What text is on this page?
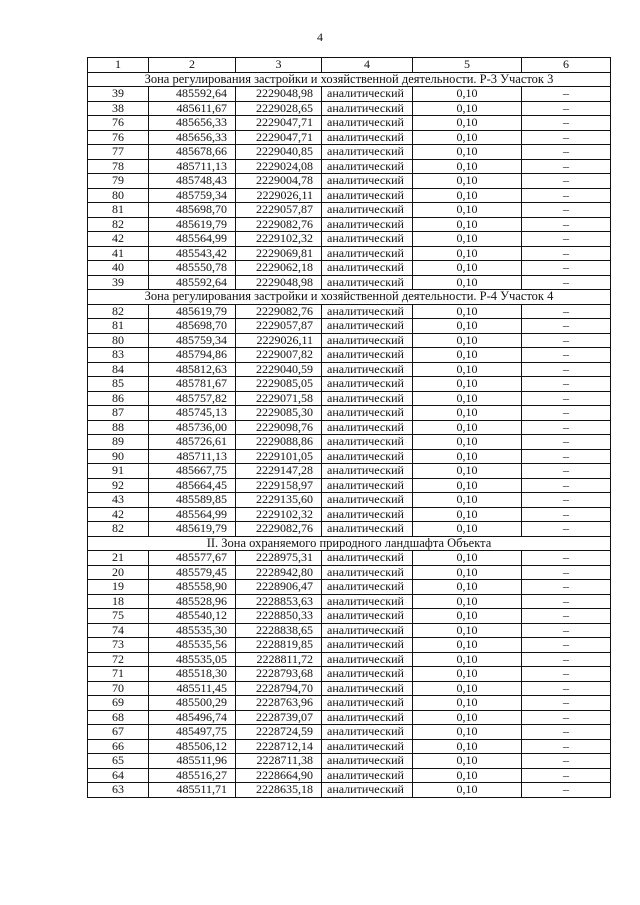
4
1	2	3	4	5	6
Зона регулирования застройки и хозяйственной деятельности. Р-3 Участок 3					
39	485592,64	2229048,98	аналитический	0,10	–
38	485611,67	2229028,65	аналитический	0,10	–
76	485656,33	2229047,71	аналитический	0,10	–
76	485656,33	2229047,71	аналитический	0,10	–
77	485678,66	2229040,85	аналитический	0,10	–
78	485711,13	2229024,08	аналитический	0,10	–
79	485748,43	2229004,78	аналитический	0,10	–
80	485759,34	2229026,11	аналитический	0,10	–
81	485698,70	2229057,87	аналитический	0,10	–
82	485619,79	2229082,76	аналитический	0,10	–
42	485564,99	2229102,32	аналитический	0,10	–
41	485543,42	2229069,81	аналитический	0,10	–
40	485550,78	2229062,18	аналитический	0,10	–
39	485592,64	2229048,98	аналитический	0,10	–
Зона регулирования застройки и хозяйственной деятельности. Р-4 Участок 4					
82	485619,79	2229082,76	аналитический	0,10	–
81	485698,70	2229057,87	аналитический	0,10	–
80	485759,34	2229026,11	аналитический	0,10	–
83	485794,86	2229007,82	аналитический	0,10	–
84	485812,63	2229040,59	аналитический	0,10	–
85	485781,67	2229085,05	аналитический	0,10	–
86	485757,82	2229071,58	аналитический	0,10	–
87	485745,13	2229085,30	аналитический	0,10	–
88	485736,00	2229098,76	аналитический	0,10	–
89	485726,61	2229088,86	аналитический	0,10	–
90	485711,13	2229101,05	аналитический	0,10	–
91	485667,75	2229147,28	аналитический	0,10	–
92	485664,45	2229158,97	аналитический	0,10	–
43	485589,85	2229135,60	аналитический	0,10	–
42	485564,99	2229102,32	аналитический	0,10	–
82	485619,79	2229082,76	аналитический	0,10	–
II. Зона охраняемого природного ландшафта Объекта					
21	485577,67	2228975,31	аналитический	0,10	–
20	485579,45	2228942,80	аналитический	0,10	–
19	485558,90	2228906,47	аналитический	0,10	–
18	485528,96	2228853,63	аналитический	0,10	–
75	485540,12	2228850,33	аналитический	0,10	–
74	485535,30	2228838,65	аналитический	0,10	–
73	485535,56	2228819,85	аналитический	0,10	–
72	485535,05	2228811,72	аналитический	0,10	–
71	485518,30	2228793,68	аналитический	0,10	–
70	485511,45	2228794,70	аналитический	0,10	–
69	485500,29	2228763,96	аналитический	0,10	–
68	485496,74	2228739,07	аналитический	0,10	–
67	485497,75	2228724,59	аналитический	0,10	–
66	485506,12	2228712,14	аналитический	0,10	–
65	485511,96	2228711,38	аналитический	0,10	–
64	485516,27	2228664,90	аналитический	0,10	–
63	485511,71	2228635,18	аналитический	0,10	–
